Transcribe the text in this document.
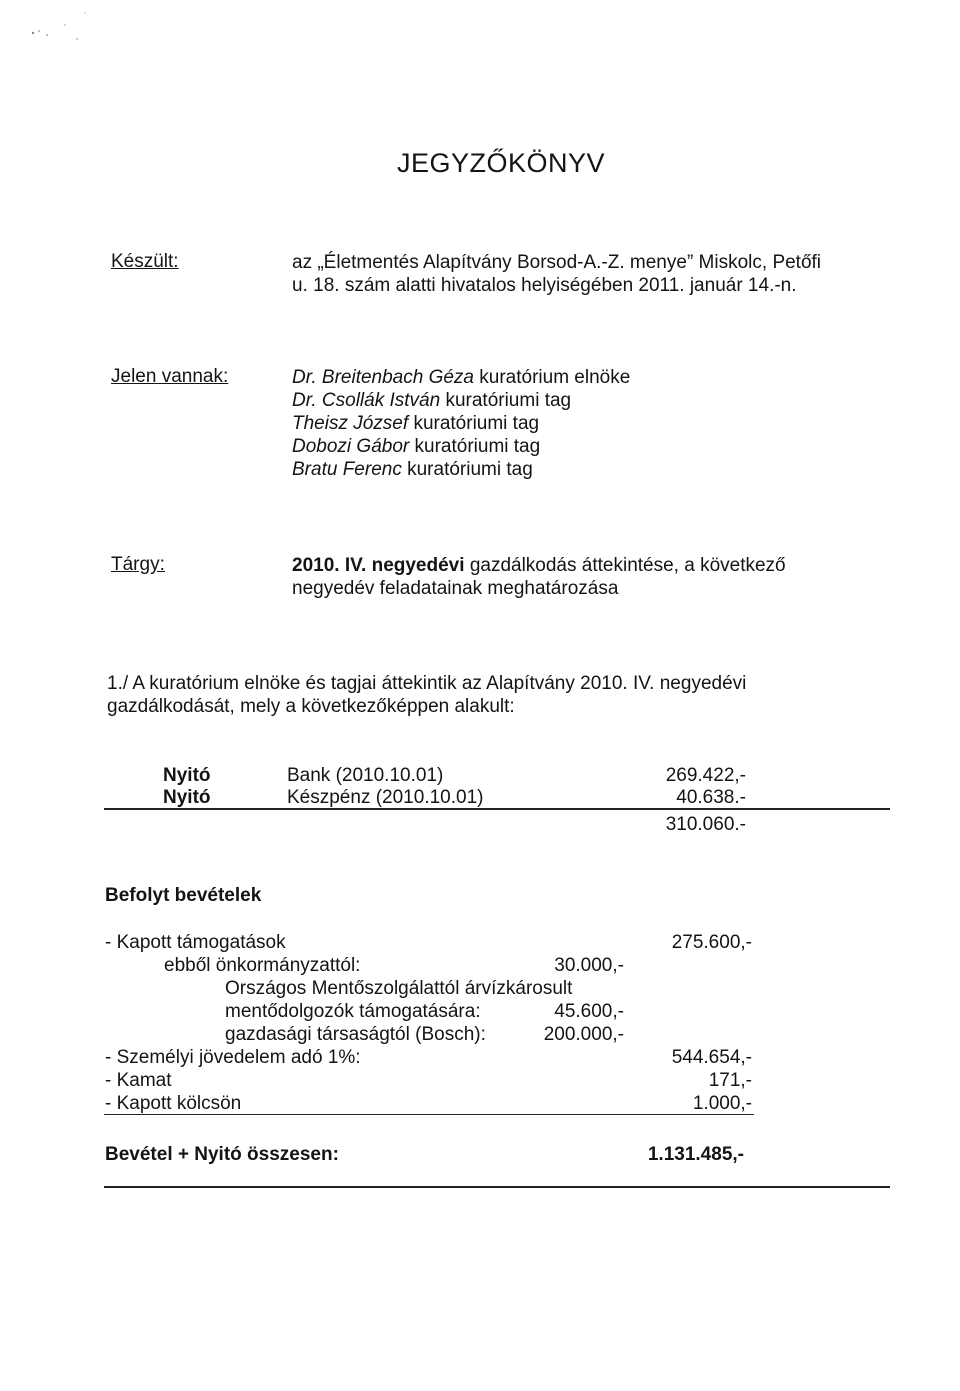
JEGYZŐKÖNYV
Készült:	az „Életmentés Alapítvány Borsod-A.-Z. menye” Miskolc, Petőfi
u. 18. szám alatti hivatalos helyiségében 2011. január 14.-n.
Jelen vannak:	Dr. Breitenbach Géza kuratórium elnöke
Dr. Csollák István kuratóriumi tag
Theisz József kuratóriumi tag
Dobozi Gábor kuratóriumi tag
Bratu Ferenc kuratóriumi tag
Tárgy:	2010. IV. negyedévi gazdálkodás áttekintése, a következő
negyedév feladatainak meghatározása
1./ A kuratórium elnöke és tagjai áttekintik az Alapítvány 2010. IV. negyedévi
gazdálkodását, mely a következőképpen alakult:
Nyitó	Bank (2010.10.01)	269.422,-
Nyitó	Készpénz (2010.10.01)	40.638.-
310.060.-
Befolyt bevételek
- Kapott támogatások	275.600,-
ebből önkormányzattól:	30.000,-
Országos Mentőszolgálattól árvízkárosult
mentődolgozók támogatására:	45.600,-
gazdasági társaságtól (Bosch):	200.000,-
- Személyi jövedelem adó 1%:	544.654,-
- Kamat	171,-
- Kapott kölcsön	1.000,-
Bevétel + Nyitó összesen:	1.131.485,-
